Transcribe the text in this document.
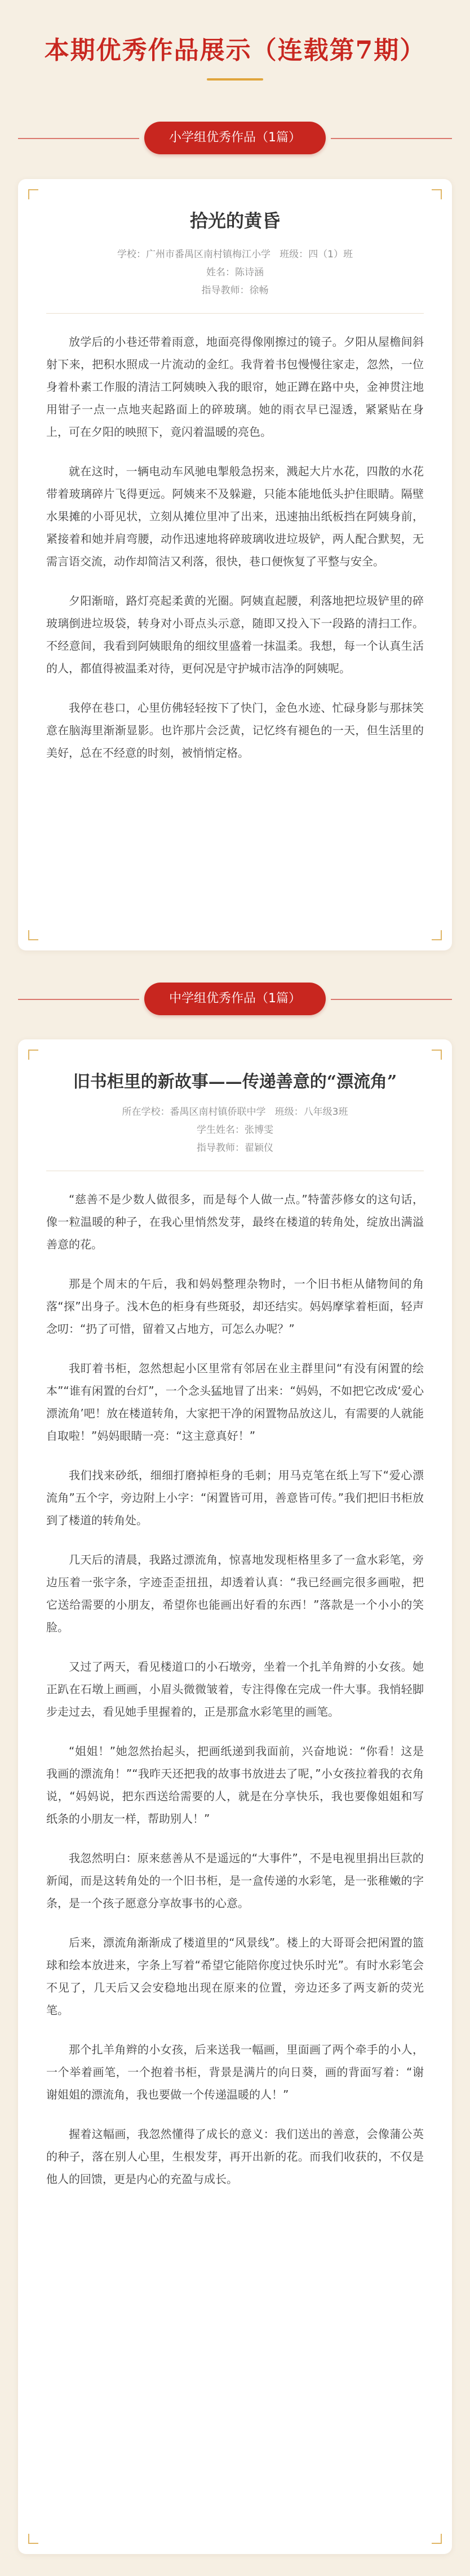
本期优秀作品展示（连载第7期）
小学组优秀作品（1篇）
拾光的黄昏
学校：广州市番禺区南村镇梅江小学 班级：四（1）班
姓名：陈诗涵
指导教师：徐畅

放学后的小巷还带着雨意，地面亮得像刚擦过的镜子。夕阳从屋檐间斜射下来，把积水照成一片流动的金红。我背着书包慢慢往家走，忽然，一位身着朴素工作服的清洁工阿姨映入我的眼帘，她正蹲在路中央，金神贯注地用钳子一点一点地夹起路面上的碎玻璃。她的雨衣早已湿透，紧紧贴在身上，可在夕阳的映照下，竟闪着温暖的亮色。

就在这时，一辆电动车风驰电掣般急拐来，溅起大片水花，四散的水花带着玻璃碎片飞得更远。阿姨来不及躲避，只能本能地低头护住眼睛。隔壁水果摊的小哥见状，立刻从摊位里冲了出来，迅速抽出纸板挡在阿姨身前，紧接着和她并肩弯腰，动作迅速地将碎玻璃收进垃圾铲，两人配合默契，无需言语交流，动作却简洁又利落，很快，巷口便恢复了平整与安全。

夕阳渐暗，路灯亮起柔黄的光圈。阿姨直起腰，利落地把垃圾铲里的碎玻璃倒进垃圾袋，转身对小哥点头示意，随即又投入下一段路的清扫工作。不经意间，我看到阿姨眼角的细纹里盛着一抹温柔。我想，每一个认真生活的人，都值得被温柔对待，更何况是守护城市洁净的阿姨呢。

我停在巷口，心里仿佛轻轻按下了快门，金色水迹、忙碌身影与那抹笑意在脑海里渐渐显影。也许那片会泛黄，记忆终有褪色的一天，但生活里的美好，总在不经意的时刻，被悄悄定格。

中学组优秀作品（1篇）
旧书柜里的新故事——传递善意的“漂流角”
所在学校：番禺区南村镇侨联中学 班级：八年级3班
学生姓名：张博雯
指导教师：翟颖仪

“慈善不是少数人做很多，而是每个人做一点。”特蕾莎修女的这句话，像一粒温暖的种子，在我心里悄然发芽，最终在楼道的转角处，绽放出满溢善意的花。

那是个周末的午后，我和妈妈整理杂物时，一个旧书柜从储物间的角落“探”出身子。浅木色的柜身有些斑驳，却还结实。妈妈摩挲着柜面，轻声念叨：“扔了可惜，留着又占地方，可怎么办呢？”

我盯着书柜，忽然想起小区里常有邻居在业主群里问“有没有闲置的绘本”“谁有闲置的台灯”，一个念头猛地冒了出来：“妈妈，不如把它改成‘爱心漂流角’吧！放在楼道转角，大家把干净的闲置物品放这儿，有需要的人就能自取啦！”妈妈眼睛一亮：“这主意真好！”

我们找来砂纸，细细打磨掉柜身的毛刺；用马克笔在纸上写下“爱心漂流角”五个字，旁边附上小字：“闲置皆可用，善意皆可传。”我们把旧书柜放到了楼道的转角处。

几天后的清晨，我路过漂流角，惊喜地发现柜格里多了一盒水彩笔，旁边压着一张字条，字迹歪歪扭扭，却透着认真：“我已经画完很多画啦，把它送给需要的小朋友，希望你也能画出好看的东西！”落款是一个小小的笑脸。

又过了两天，看见楼道口的小石墩旁，坐着一个扎羊角辫的小女孩。她正趴在石墩上画画，小眉头微微皱着，专注得像在完成一件大事。我悄轻脚步走过去，看见她手里握着的，正是那盒水彩笔里的画笔。

“姐姐！”她忽然抬起头，把画纸递到我面前，兴奋地说：“你看！这是我画的漂流角！”“我昨天还把我的故事书放进去了呢，”小女孩拉着我的衣角说，“妈妈说，把东西送给需要的人，就是在分享快乐，我也要像姐姐和写纸条的小朋友一样，帮助别人！”

我忽然明白：原来慈善从不是遥远的“大事件”，不是电视里捐出巨款的新闻，而是这转角处的一个旧书柜，是一盒传递的水彩笔，是一张稚嫩的字条，是一个孩子愿意分享故事书的心意。

后来，漂流角渐渐成了楼道里的“风景线”。楼上的大哥哥会把闲置的篮球和绘本放进来，字条上写着“希望它能陪你度过快乐时光”。有时水彩笔会不见了，几天后又会安稳地出现在原来的位置，旁边还多了两支新的荧光笔。

那个扎羊角辫的小女孩，后来送我一幅画，里面画了两个牵手的小人，一个举着画笔，一个抱着书柜，背景是满片的向日葵，画的背面写着：“谢谢姐姐的漂流角，我也要做一个传递温暖的人！”

握着这幅画，我忽然懂得了成长的意义：我们送出的善意，会像蒲公英的种子，落在别人心里，生根发芽，再开出新的花。而我们收获的，不仅是他人的回馈，更是内心的充盈与成长。
